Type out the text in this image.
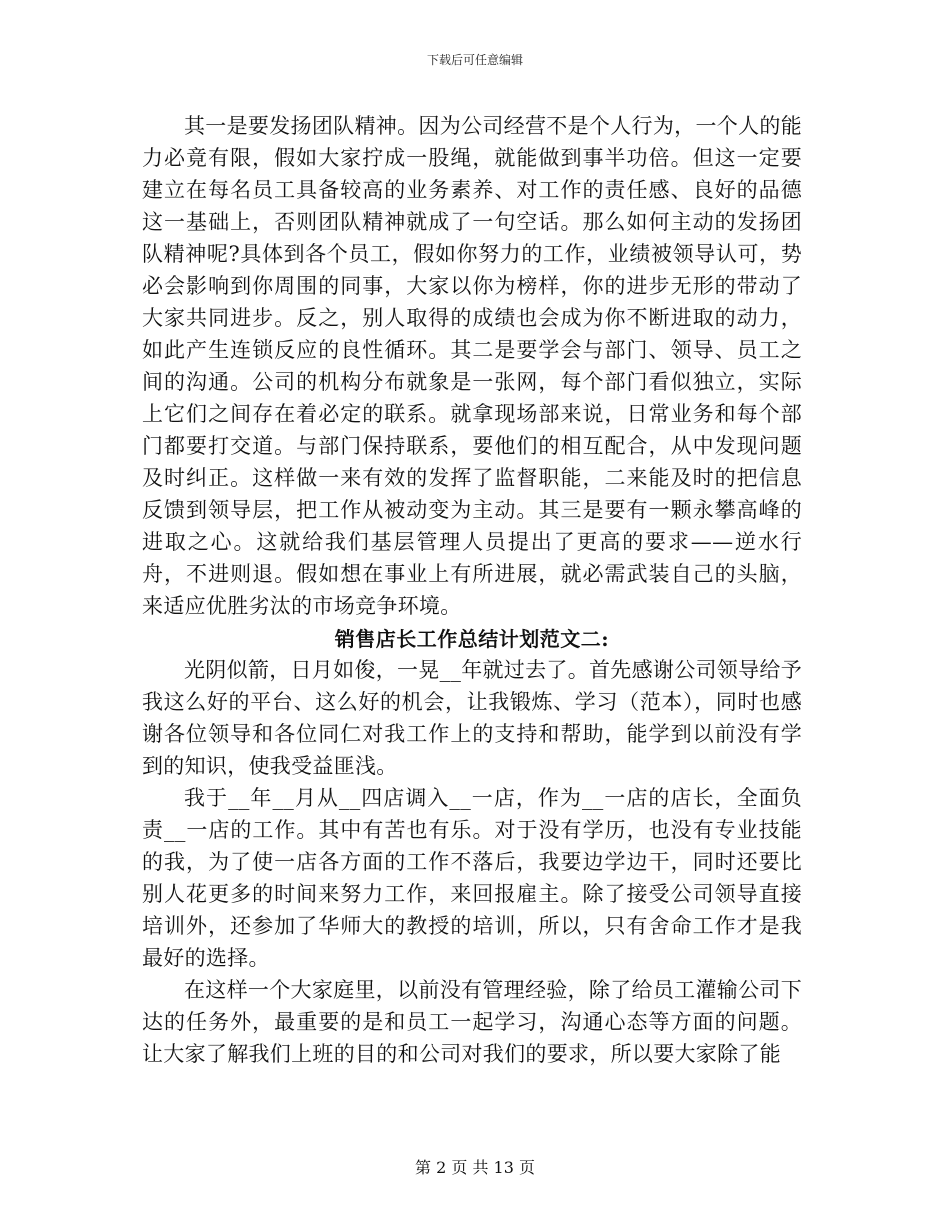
下载后可任意编辑

其一是要发扬团队精神。因为公司经营不是个人行为，一个人的能力必竟有限，假如大家拧成一股绳，就能做到事半功倍。但这一定要建立在每名员工具备较高的业务素养、对工作的责任感、良好的品德这一基础上，否则团队精神就成了一句空话。那么如何主动的发扬团队精神呢?具体到各个员工，假如你努力的工作，业绩被领导认可，势必会影响到你周围的同事，大家以你为榜样，你的进步无形的带动了大家共同进步。反之，别人取得的成绩也会成为你不断进取的动力，如此产生连锁反应的良性循环。其二是要学会与部门、领导、员工之间的沟通。公司的机构分布就象是一张网，每个部门看似独立，实际上它们之间存在着必定的联系。就拿现场部来说，日常业务和每个部门都要打交道。与部门保持联系，要他们的相互配合，从中发现问题及时纠正。这样做一来有效的发挥了监督职能，二来能及时的把信息反馈到领导层，把工作从被动变为主动。其三是要有一颗永攀高峰的进取之心。这就给我们基层管理人员提出了更高的要求——逆水行舟，不进则退。假如想在事业上有所进展，就必需武装自己的头脑，来适应优胜劣汰的市场竞争环境。

销售店长工作总结计划范文二:

光阴似箭，日月如俊，一晃__年就过去了。首先感谢公司领导给予我这么好的平台、这么好的机会，让我锻炼、学习（范本），同时也感谢各位领导和各位同仁对我工作上的支持和帮助，能学到以前没有学到的知识，使我受益匪浅。

我于__年__月从__四店调入__一店，作为__一店的店长，全面负责__一店的工作。其中有苦也有乐。对于没有学历，也没有专业技能的我，为了使一店各方面的工作不落后，我要边学边干，同时还要比别人花更多的时间来努力工作，来回报雇主。除了接受公司领导直接培训外，还参加了华师大的教授的培训，所以，只有舍命工作才是我最好的选择。

在这样一个大家庭里，以前没有管理经验，除了给员工灌输公司下达的任务外，最重要的是和员工一起学习，沟通心态等方面的问题。让大家了解我们上班的目的和公司对我们的要求，所以要大家除了能

第 2 页 共 13 页
